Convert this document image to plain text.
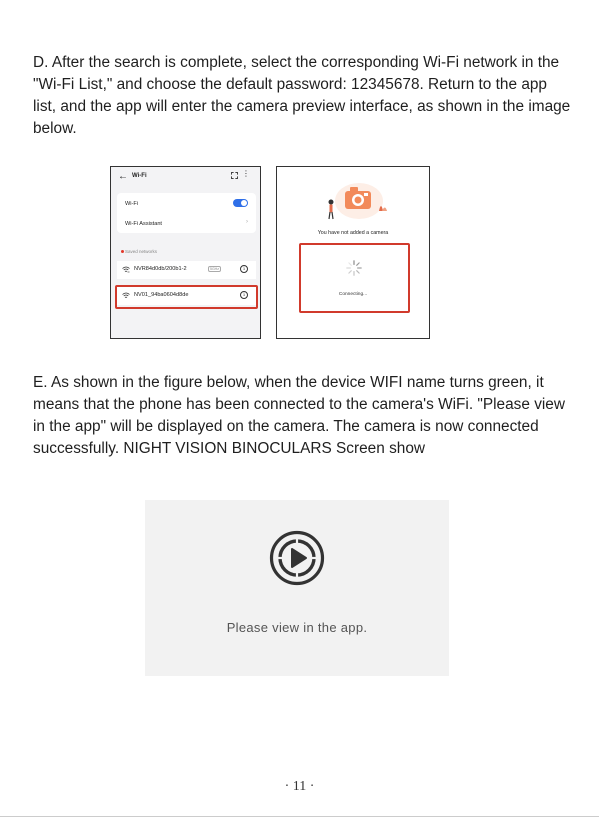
D. After the search is complete, select the corresponding Wi-Fi network in the "Wi-Fi List," and choose the default password: 12345678. Return to the app list, and the app will enter the camera preview interface, as shown in the image below.

← Wi-Fi	⋮
Wi-Fi
Wi-Fi Assistant	›
Saved networks
NVR84d0db/200b1-2	5GHz	i
NV01_94ba0604d8de	i
You have not added a camera
Connecting...

E. As shown in the figure below, when the device WIFI name turns green, it means that the phone has been connected to the camera's WiFi. "Please view in the app" will be displayed on the camera. The camera is now connected successfully. NIGHT VISION BINOCULARS Screen show

Please view in the app.
· 11 ·
